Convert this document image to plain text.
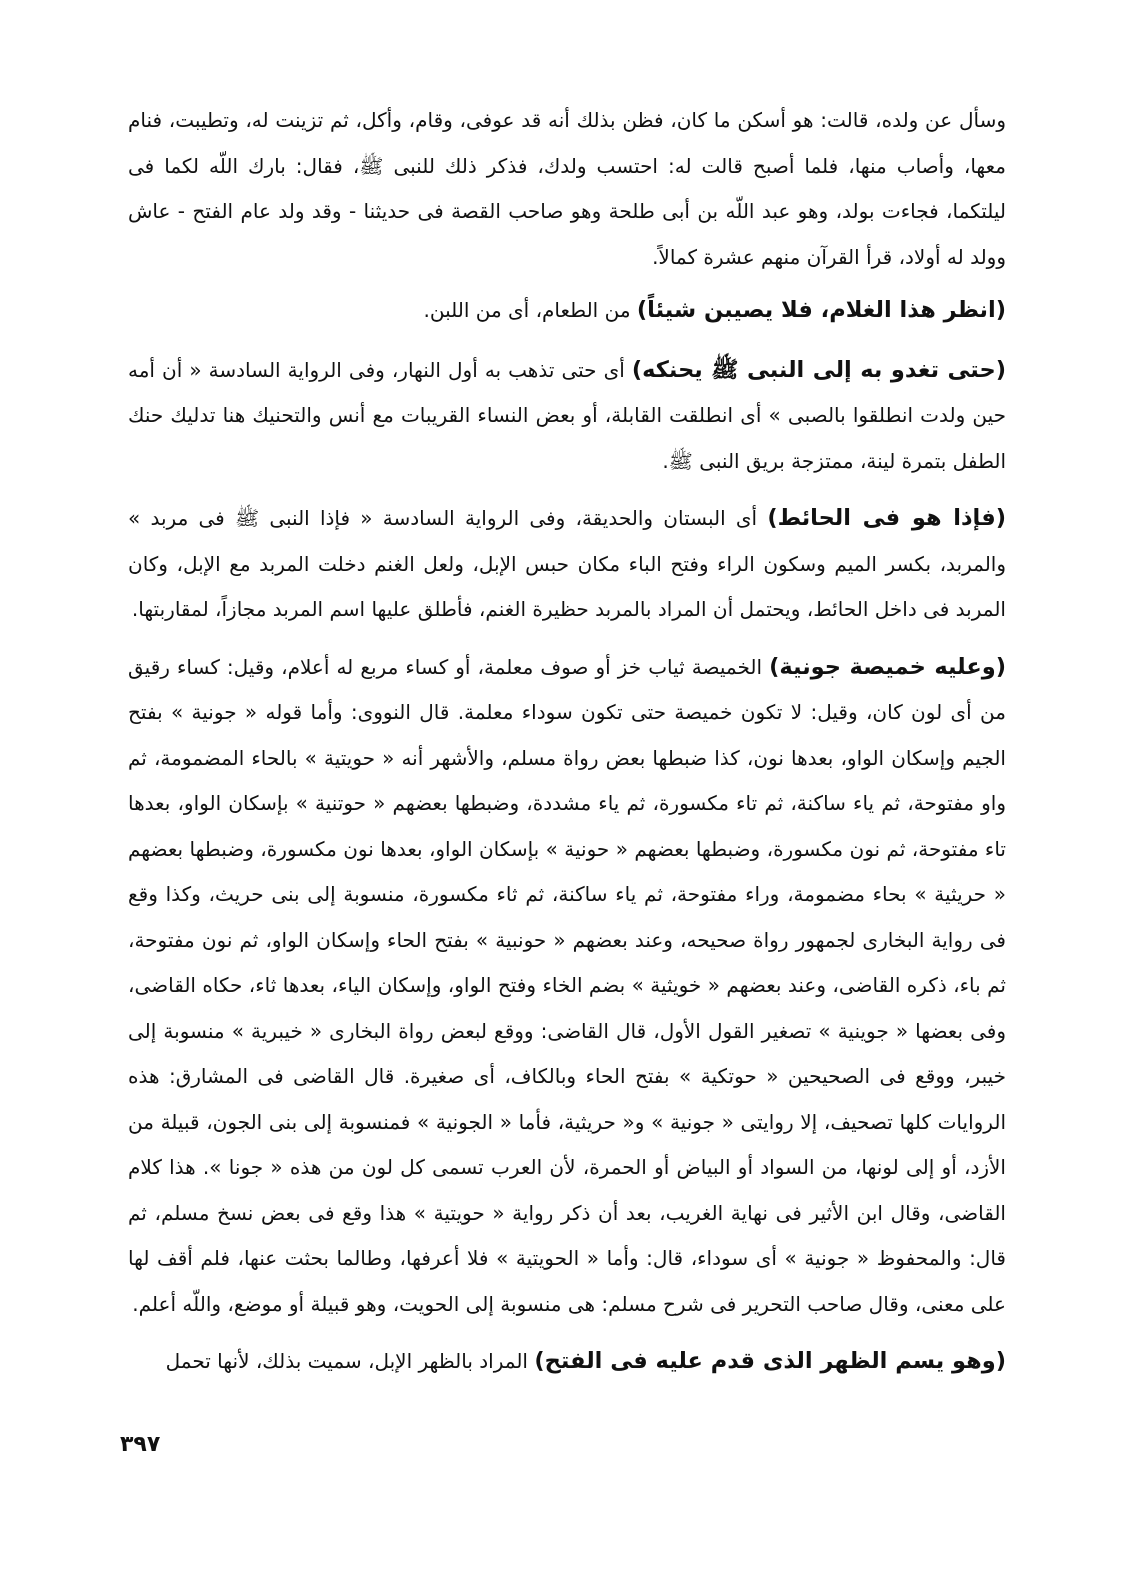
وسأل عن ولده، قالت: هو أسكن ما كان، فظن بذلك أنه قد عوفى، وقام، وأكل، ثم تزينت له، وتطيبت، فنام معها، وأصاب منها، فلما أصبح قالت له: احتسب ولدك، فذكر ذلك للنبى ﷺ، فقال: بارك اللّه لكما فى ليلتكما، فجاءت بولد، وهو عبد اللّه بن أبى طلحة وهو صاحب القصة فى حديثنا - وقد ولد عام الفتح - عاش وولد له أولاد، قرأ القرآن منهم عشرة كمالاً.

(انظر هذا الغلام، فلا يصيبن شيئاً) من الطعام، أى من اللبن.

(حتى تغدو به إلى النبى ﷺ يحنكه) أى حتى تذهب به أول النهار، وفى الرواية السادسة « أن أمه حين ولدت انطلقوا بالصبى » أى انطلقت القابلة، أو بعض النساء القريبات مع أنس والتحنيك هنا تدليك حنك الطفل بتمرة لينة، ممتزجة بريق النبى ﷺ.

(فإذا هو فى الحائط) أى البستان والحديقة، وفى الرواية السادسة « فإذا النبى ﷺ فى مربد » والمربد، بكسر الميم وسكون الراء وفتح الباء مكان حبس الإبل، ولعل الغنم دخلت المربد مع الإبل، وكان المربد فى داخل الحائط، ويحتمل أن المراد بالمربد حظيرة الغنم، فأطلق عليها اسم المربد مجازاً، لمقاربتها.

(وعليه خميصة جونية) الخميصة ثياب خز أو صوف معلمة، أو كساء مربع له أعلام، وقيل: كساء رقيق من أى لون كان، وقيل: لا تكون خميصة حتى تكون سوداء معلمة. قال النووى: وأما قوله « جونية » بفتح الجيم وإسكان الواو، بعدها نون، كذا ضبطها بعض رواة مسلم، والأشهر أنه « حويتية » بالحاء المضمومة، ثم واو مفتوحة، ثم ياء ساكنة، ثم تاء مكسورة، ثم ياء مشددة، وضبطها بعضهم « حوتنية » بإسكان الواو، بعدها تاء مفتوحة، ثم نون مكسورة، وضبطها بعضهم « حونية » بإسكان الواو، بعدها نون مكسورة، وضبطها بعضهم « حريثية » بحاء مضمومة، وراء مفتوحة، ثم ياء ساكنة، ثم ثاء مكسورة، منسوبة إلى بنى حريث، وكذا وقع فى رواية البخارى لجمهور رواة صحيحه، وعند بعضهم « حونبية » بفتح الحاء وإسكان الواو، ثم نون مفتوحة، ثم باء، ذكره القاضى، وعند بعضهم « خويثية » بضم الخاء وفتح الواو، وإسكان الياء، بعدها ثاء، حكاه القاضى، وفى بعضها « جوينية » تصغير القول الأول، قال القاضى: ووقع لبعض رواة البخارى « خيبرية » منسوبة إلى خيبر، ووقع فى الصحيحين « حوتكية » بفتح الحاء وبالكاف، أى صغيرة. قال القاضى فى المشارق: هذه الروايات كلها تصحيف، إلا روايتى « جونية » و« حريثية، فأما « الجونية » فمنسوبة إلى بنى الجون، قبيلة من الأزد، أو إلى لونها، من السواد أو البياض أو الحمرة، لأن العرب تسمى كل لون من هذه « جونا ». هذا كلام القاضى، وقال ابن الأثير فى نهاية الغريب، بعد أن ذكر رواية « حويتية » هذا وقع فى بعض نسخ مسلم، ثم قال: والمحفوظ « جونية » أى سوداء، قال: وأما « الحويتية » فلا أعرفها، وطالما بحثت عنها، فلم أقف لها على معنى، وقال صاحب التحرير فى شرح مسلم: هى منسوبة إلى الحويت، وهو قبيلة أو موضع، واللّه أعلم.

(وهو يسم الظهر الذى قدم عليه فى الفتح) المراد بالظهر الإبل، سميت بذلك، لأنها تحمل

٣٩٧
